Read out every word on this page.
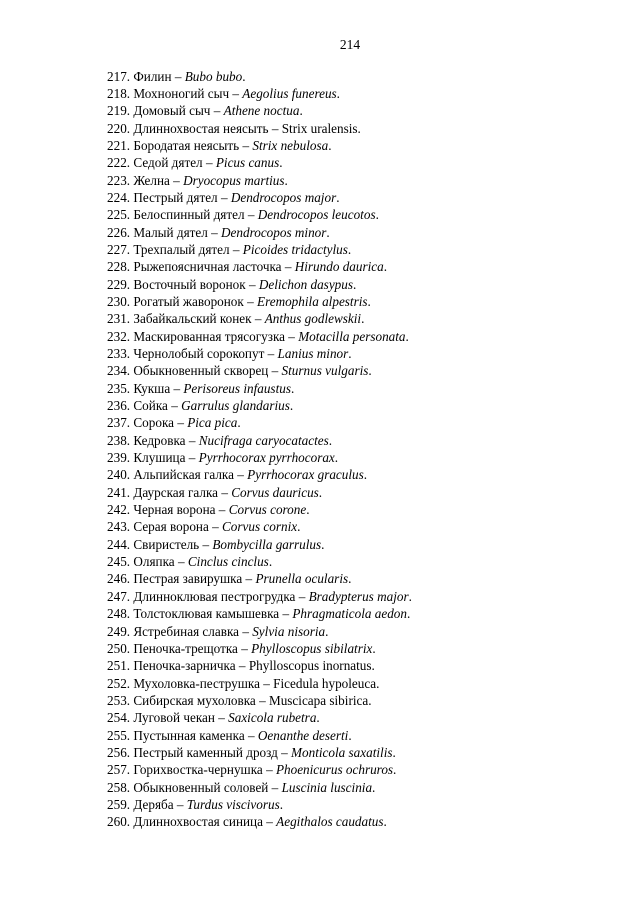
214
217. Филин – Bubo bubo.
218. Мохноногий сыч – Aegolius funereus.
219. Домовый сыч – Athene noctua.
220. Длиннохвостая неясыть – Strix uralensis.
221. Бородатая неясыть – Strix nebulosa.
222. Седой дятел – Picus canus.
223. Желна – Dryocopus martius.
224. Пестрый дятел – Dendrocopos major.
225. Белоспинный дятел – Dendrocopos leucotos.
226. Малый дятел – Dendrocopos minor.
227. Трехпалый дятел – Picoides tridactylus.
228. Рыжепоясничная ласточка – Hirundo daurica.
229. Восточный воронок – Delichon dasypus.
230. Рогатый жаворонок – Eremophila alpestris.
231. Забайкальский конек – Anthus godlewskii.
232. Маскированная трясогузка – Motacilla personata.
233. Чернолобый сорокопут – Lanius minor.
234. Обыкновенный скворец – Sturnus vulgaris.
235. Кукша – Perisoreus infaustus.
236. Сойка – Garrulus glandarius.
237. Сорока – Pica pica.
238. Кедровка – Nucifraga caryocatactes.
239. Клушица – Pyrrhocorax pyrrhocorax.
240. Альпийская галка – Pyrrhocorax graculus.
241. Даурская галка – Corvus dauricus.
242. Черная ворона – Corvus corone.
243. Серая ворона – Corvus cornix.
244. Свиристель – Bombycilla garrulus.
245. Оляпка – Cinclus cinclus.
246. Пестрая завирушка – Prunella ocularis.
247. Длинноклювая пестрогрудка – Bradypterus major.
248. Толстоклювая камышевка – Phragmaticola aedon.
249. Ястребиная славка – Sylvia nisoria.
250. Пеночка-трещотка – Phylloscopus sibilatrix.
251. Пеночка-зарничка – Phylloscopus inornatus.
252. Мухоловка-пеструшка – Ficedula hypoleuca.
253. Сибирская мухоловка – Muscicapa sibirica.
254. Луговой чекан – Saxicola rubetra.
255. Пустынная каменка – Oenanthe deserti.
256. Пестрый каменный дрозд – Monticola saxatilis.
257. Горихвостка-чернушка – Phoenicurus ochruros.
258. Обыкновенный соловей – Luscinia luscinia.
259. Деряба – Turdus viscivorus.
260. Длиннохвостая синица – Aegithalos caudatus.
